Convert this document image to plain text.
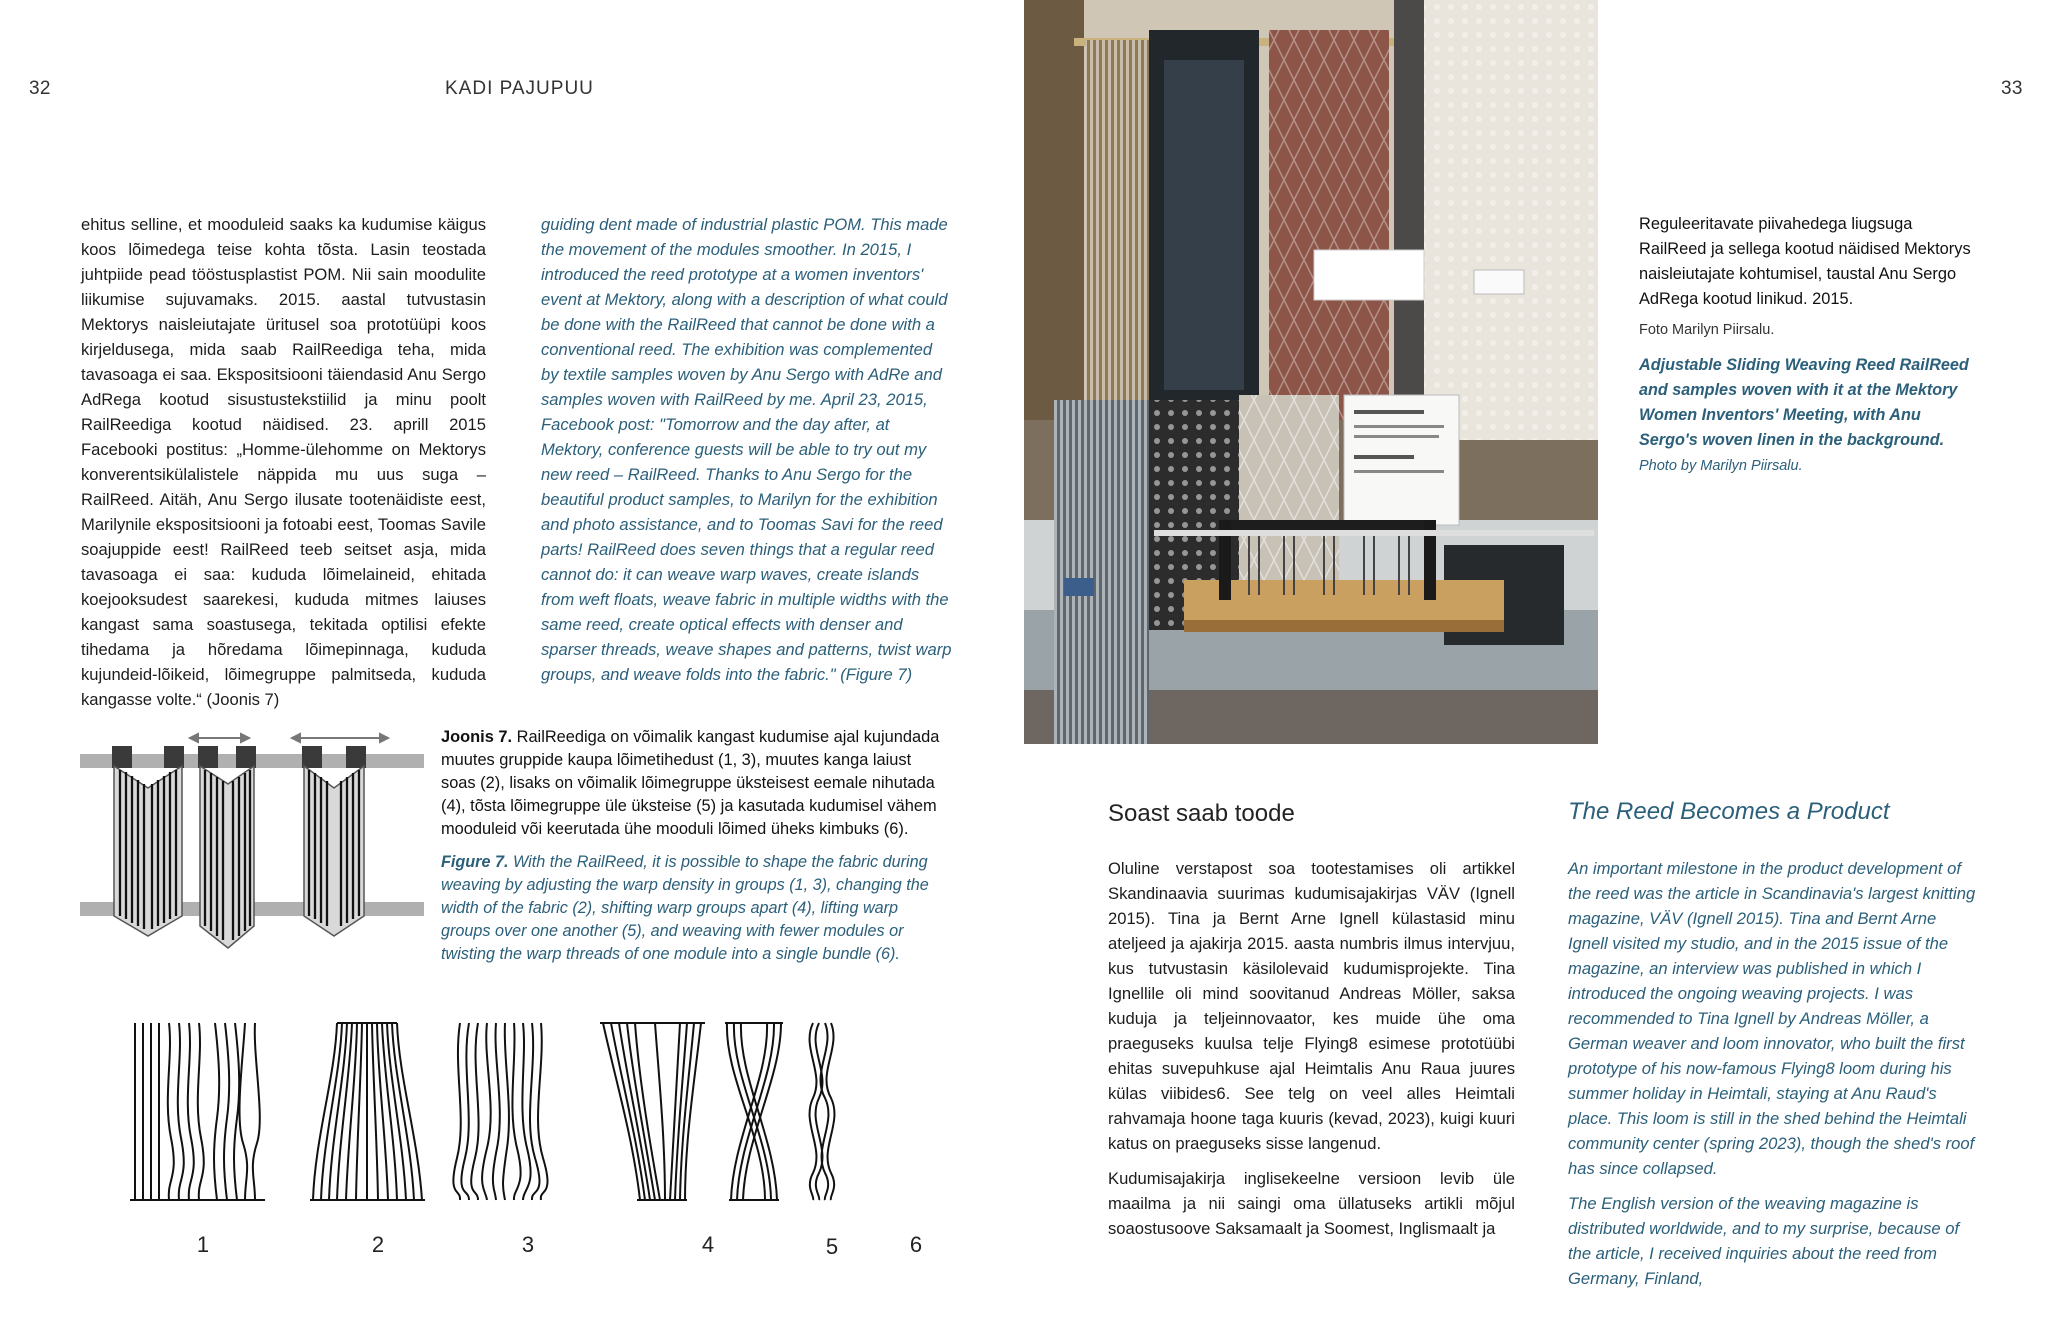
32	KADI PAJUPUU

ehitus selline, et mooduleid saaks ka kudumise käigus koos lõimedega teise kohta tõsta. Lasin teostada juhtpiide pead tööstusplastist POM. Nii sain moodulite liikumise sujuvamaks. 2015. aastal tutvustasin Mektorys naisleiutajate üritusel soa prototüüpi koos kirjeldusega, mida saab RailReediga teha, mida tavasoaga ei saa. Ekspositsiooni täiendasid Anu Sergo AdRega kootud sisustustekstiilid ja minu poolt RailReediga kootud näidised. 23. aprill 2015 Facebooki postitus: „Homme-ülehomme on Mektorys konverentsikülalistele näppida mu uus suga – RailReed. Aitäh, Anu Sergo ilusate tootenäidiste eest, Marilynile ekspositsiooni ja fotoabi eest, Toomas Savile soajuppide eest! RailReed teeb seitset asja, mida tavasoaga ei saa: kududa lõimelaineid, ehitada koejooksudest saarekesi, kududa mitmes laiuses kangast sama soastusega, tekitada optilisi efekte tihedama ja hõredama lõimepinnaga, kududa kujundeid-lõikeid, lõimegruppe palmitseda, kududa kangasse volte.“ (Joonis 7)

guiding dent made of industrial plastic POM. This made the movement of the modules smoother. In 2015, I introduced the reed prototype at a women inventors' event at Mektory, along with a description of what could be done with the RailReed that cannot be done with a conventional reed. The exhibition was complemented by textile samples woven by Anu Sergo with AdRe and samples woven with RailReed by me. April 23, 2015, Facebook post: "Tomorrow and the day after, at Mektory, conference guests will be able to try out my new reed – RailReed. Thanks to Anu Sergo for the beautiful product samples, to Marilyn for the exhibition and photo assistance, and to Toomas Savi for the reed parts! RailReed does seven things that a regular reed cannot do: it can weave warp waves, create islands from weft floats, weave fabric in multiple widths with the same reed, create optical effects with denser and sparser threads, weave shapes and patterns, twist warp groups, and weave folds into the fabric." (Figure 7)

Joonis 7. RailReediga on võimalik kangast kudumise ajal kujundada muutes gruppide kaupa lõimetihedust (1, 3), muutes kanga laiust soas (2), lisaks on võimalik lõimegruppe üksteisest eemale nihutada (4), tõsta lõimegruppe üle üksteise (5) ja kasutada kudumisel vähem mooduleid või keerutada ühe mooduli lõimed üheks kimbuks (6).

Figure 7. With the RailReed, it is possible to shape the fabric during weaving by adjusting the warp density in groups (1, 3), changing the width of the fabric (2), shifting warp groups apart (4), lifting warp groups over one another (5), and weaving with fewer modules or twisting the warp threads of one module into a single bundle (6).

1	2	3	4	5	6
33

Reguleeritavate piivahedega liugsuga RailReed ja sellega kootud näidised Mektorys naisleiutajate kohtumisel, taustal Anu Sergo AdRega kootud linikud. 2015.
Foto Marilyn Piirsalu.

Adjustable Sliding Weaving Reed RailReed and samples woven with it at the Mektory Women Inventors' Meeting, with Anu Sergo's woven linen in the background. Photo by Marilyn Piirsalu.

Soast saab toode	The Reed Becomes a Product

Oluline verstapost soa tootestamises oli artikkel Skandinaavia suurimas kudumisajakirjas VÄV (Ignell 2015). Tina ja Bernt Arne Ignell külastasid minu ateljeed ja ajakirja 2015. aasta numbris ilmus intervjuu, kus tutvustasin käsilolevaid kudumisprojekte. Tina Ignellile oli mind soovitanud Andreas Möller, saksa kuduja ja teljeinnovaator, kes muide ühe oma praeguseks kuulsa telje Flying8 esimese prototüübi ehitas suvepuhkuse ajal Heimtalis Anu Raua juures külas viibides6. See telg on veel alles Heimtali rahvamaja hoone taga kuuris (kevad, 2023), kuigi kuuri katus on praeguseks sisse langenud.

Kudumisajakirja inglisekeelne versioon levib üle maailma ja nii saingi oma üllatuseks artikli mõjul soaostusoove Saksamaalt ja Soomest, Inglismaalt ja

An important milestone in the product development of the reed was the article in Scandinavia's largest knitting magazine, VÄV (Ignell 2015). Tina and Bernt Arne Ignell visited my studio, and in the 2015 issue of the magazine, an interview was published in which I introduced the ongoing weaving projects. I was recommended to Tina Ignell by Andreas Möller, a German weaver and loom innovator, who built the first prototype of his now-famous Flying8 loom during his summer holiday in Heimtali, staying at Anu Raud's place. This loom is still in the shed behind the Heimtali community center (spring 2023), though the shed's roof has since collapsed.

The English version of the weaving magazine is distributed worldwide, and to my surprise, because of the article, I received inquiries about the reed from Germany, Finland,
